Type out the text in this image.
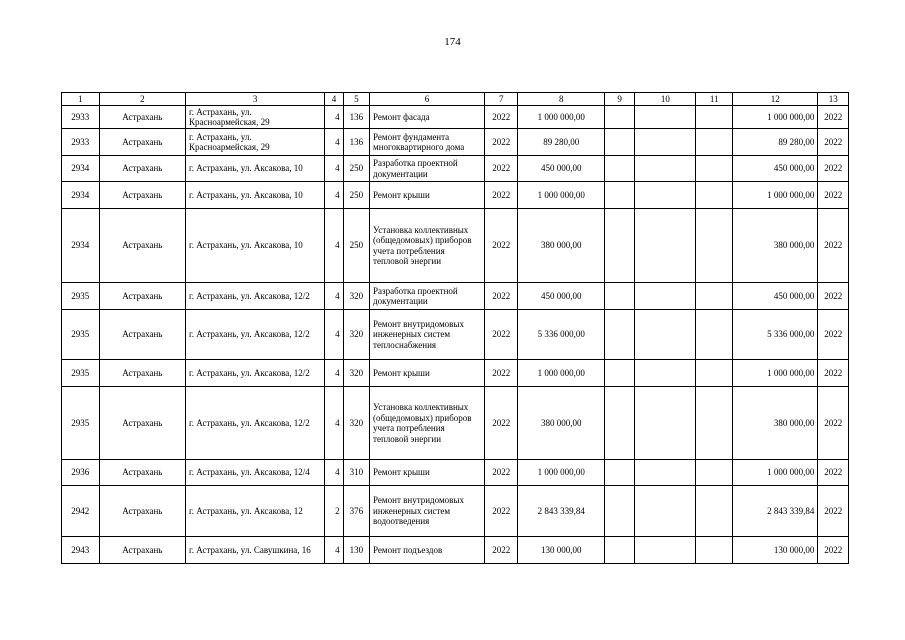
174
1	2	3	4	5	6	7	8	9	10	11	12	13
2933	Астрахань	г. Астрахань, ул. Красноармейская, 29	4	136	Ремонт фасада	2022	1 000 000,00				1 000 000,00	2022
2933	Астрахань	г. Астрахань, ул. Красноармейская, 29	4	136	Ремонт фундамента многоквартирного дома	2022	89 280,00				89 280,00	2022
2934	Астрахань	г. Астрахань, ул. Аксакова, 10	4	250	Разработка проектной документации	2022	450 000,00				450 000,00	2022
2934	Астрахань	г. Астрахань, ул. Аксакова, 10	4	250	Ремонт крыши	2022	1 000 000,00				1 000 000,00	2022
2934	Астрахань	г. Астрахань, ул. Аксакова, 10	4	250	Установка коллективных (общедомовых) приборов учета потребления тепловой энергии	2022	380 000,00				380 000,00	2022
2935	Астрахань	г. Астрахань, ул. Аксакова, 12/2	4	320	Разработка проектной документации	2022	450 000,00				450 000,00	2022
2935	Астрахань	г. Астрахань, ул. Аксакова, 12/2	4	320	Ремонт внутридомовых инженерных систем теплоснабжения	2022	5 336 000,00				5 336 000,00	2022
2935	Астрахань	г. Астрахань, ул. Аксакова, 12/2	4	320	Ремонт крыши	2022	1 000 000,00				1 000 000,00	2022
2935	Астрахань	г. Астрахань, ул. Аксакова, 12/2	4	320	Установка коллективных (общедомовых) приборов учета потребления тепловой энергии	2022	380 000,00				380 000,00	2022
2936	Астрахань	г. Астрахань, ул. Аксакова, 12/4	4	310	Ремонт крыши	2022	1 000 000,00				1 000 000,00	2022
2942	Астрахань	г. Астрахань, ул. Аксакова, 12	2	376	Ремонт внутридомовых инженерных систем водоотведения	2022	2 843 339,84				2 843 339,84	2022
2943	Астрахань	г. Астрахань, ул. Савушкина, 16	4	130	Ремонт подъездов	2022	130 000,00				130 000,00	2022
